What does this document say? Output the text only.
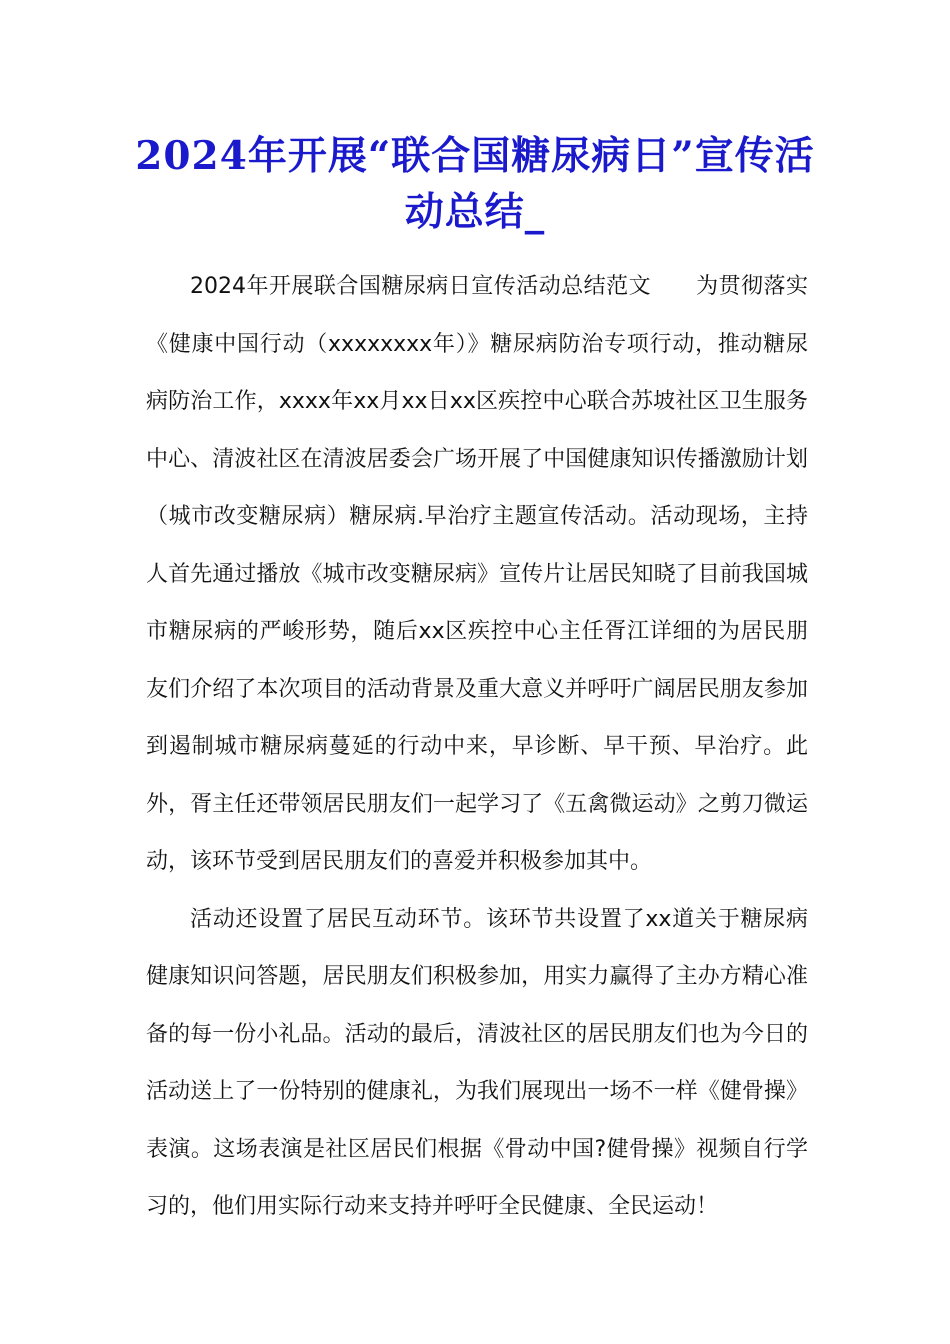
2024年开展“联合国糖尿病日”宣传活动总结_

2024年开展联合国糖尿病日宣传活动总结范文　　为贯彻落实《健康中国行动（xxxxxxxx年）》糖尿病防治专项行动，推动糖尿病防治工作，xxxx年xx月xx日xx区疾控中心联合苏坡社区卫生服务中心、清波社区在清波居委会广场开展了中国健康知识传播激励计划（城市改变糖尿病）糖尿病.早治疗主题宣传活动。活动现场，主持人首先通过播放《城市改变糖尿病》宣传片让居民知晓了目前我国城市糖尿病的严峻形势，随后xx区疾控中心主任胥江详细的为居民朋友们介绍了本次项目的活动背景及重大意义并呼吁广阔居民朋友参加到遏制城市糖尿病蔓延的行动中来，早诊断、早干预、早治疗。此外，胥主任还带领居民朋友们一起学习了《五禽微运动》之剪刀微运动，该环节受到居民朋友们的喜爱并积极参加其中。

活动还设置了居民互动环节。该环节共设置了xx道关于糖尿病健康知识问答题，居民朋友们积极参加，用实力赢得了主办方精心准备的每一份小礼品。活动的最后，清波社区的居民朋友们也为今日的活动送上了一份特别的健康礼，为我们展现出一场不一样《健骨操》表演。这场表演是社区居民们根据《骨动中国?健骨操》视频自行学习的，他们用实际行动来支持并呼吁全民健康、全民运动！
